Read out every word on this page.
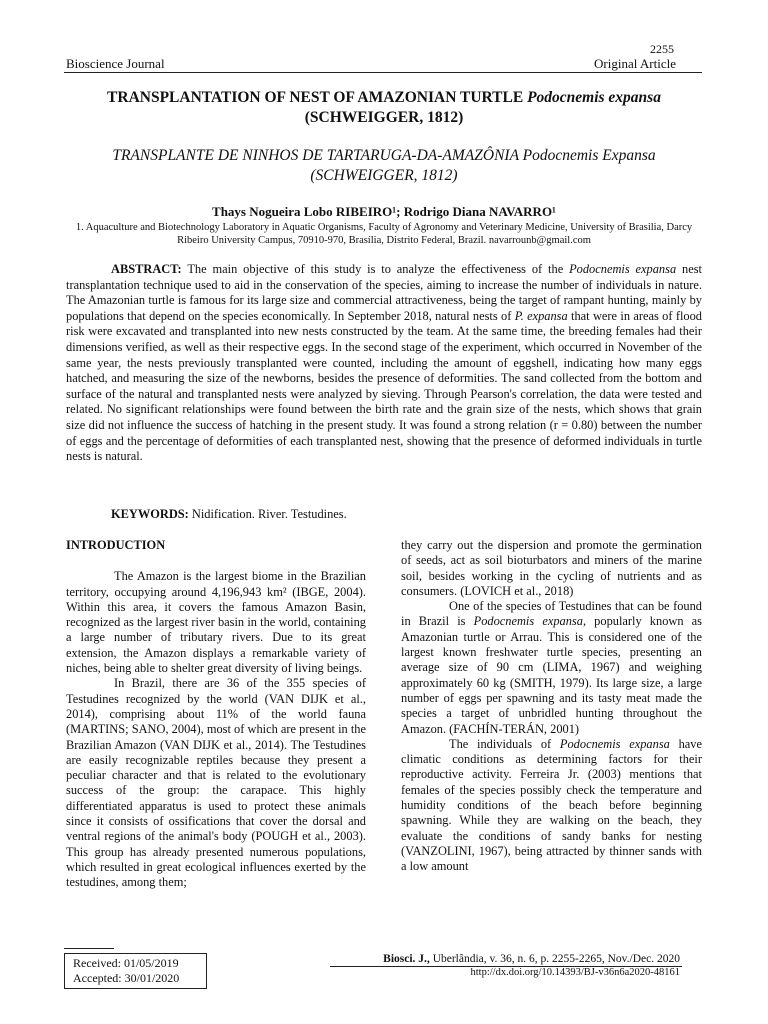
2255
Bioscience Journal	Original Article
TRANSPLANTATION OF NEST OF AMAZONIAN TURTLE Podocnemis expansa (SCHWEIGGER, 1812)
TRANSPLANTE DE NINHOS DE TARTARUGA-DA-AMAZÔNIA Podocnemis Expansa (SCHWEIGGER, 1812)
Thays Nogueira Lobo RIBEIRO¹; Rodrigo Diana NAVARRO¹
1. Aquaculture and Biotechnology Laboratory in Aquatic Organisms, Faculty of Agronomy and Veterinary Medicine, University of Brasilia, Darcy Ribeiro University Campus, 70910-970, Brasília, Distrito Federal, Brazil. navarrounb@gmail.com

ABSTRACT: The main objective of this study is to analyze the effectiveness of the Podocnemis expansa nest transplantation technique used to aid in the conservation of the species, aiming to increase the number of individuals in nature. The Amazonian turtle is famous for its large size and commercial attractiveness, being the target of rampant hunting, mainly by populations that depend on the species economically. In September 2018, natural nests of P. expansa that were in areas of flood risk were excavated and transplanted into new nests constructed by the team. At the same time, the breeding females had their dimensions verified, as well as their respective eggs. In the second stage of the experiment, which occurred in November of the same year, the nests previously transplanted were counted, including the amount of eggshell, indicating how many eggs hatched, and measuring the size of the newborns, besides the presence of deformities. The sand collected from the bottom and surface of the natural and transplanted nests were analyzed by sieving. Through Pearson's correlation, the data were tested and related. No significant relationships were found between the birth rate and the grain size of the nests, which shows that grain size did not influence the success of hatching in the present study. It was found a strong relation (r = 0.80) between the number of eggs and the percentage of deformities of each transplanted nest, showing that the presence of deformed individuals in turtle nests is natural.

KEYWORDS: Nidification. River. Testudines.

INTRODUCTION

The Amazon is the largest biome in the Brazilian territory, occupying around 4,196,943 km² (IBGE, 2004). Within this area, it covers the famous Amazon Basin, recognized as the largest river basin in the world, containing a large number of tributary rivers. Due to its great extension, the Amazon displays a remarkable variety of niches, being able to shelter great diversity of living beings.

In Brazil, there are 36 of the 355 species of Testudines recognized by the world (VAN DIJK et al., 2014), comprising about 11% of the world fauna (MARTINS; SANO, 2004), most of which are present in the Brazilian Amazon (VAN DIJK et al., 2014). The Testudines are easily recognizable reptiles because they present a peculiar character and that is related to the evolutionary success of the group: the carapace. This highly differentiated apparatus is used to protect these animals since it consists of ossifications that cover the dorsal and ventral regions of the animal's body (POUGH et al., 2003). This group has already presented numerous populations, which resulted in great ecological influences exerted by the testudines, among them;

they carry out the dispersion and promote the germination of seeds, act as soil bioturbators and miners of the marine soil, besides working in the cycling of nutrients and as consumers. (LOVICH et al., 2018)

One of the species of Testudines that can be found in Brazil is Podocnemis expansa, popularly known as Amazonian turtle or Arrau. This is considered one of the largest known freshwater turtle species, presenting an average size of 90 cm (LIMA, 1967) and weighing approximately 60 kg (SMITH, 1979). Its large size, a large number of eggs per spawning and its tasty meat made the species a target of unbridled hunting throughout the Amazon. (FACHÍN-TERÁN, 2001)

The individuals of Podocnemis expansa have climatic conditions as determining factors for their reproductive activity. Ferreira Jr. (2003) mentions that females of the species possibly check the temperature and humidity conditions of the beach before beginning spawning. While they are walking on the beach, they evaluate the conditions of sandy banks for nesting (VANZOLINI, 1967), being attracted by thinner sands with a low amount

Received: 01/05/2019
Accepted: 30/01/2020
Biosci. J., Uberlândia, v. 36, n. 6, p. 2255-2265, Nov./Dec. 2020
http://dx.doi.org/10.14393/BJ-v36n6a2020-48161
